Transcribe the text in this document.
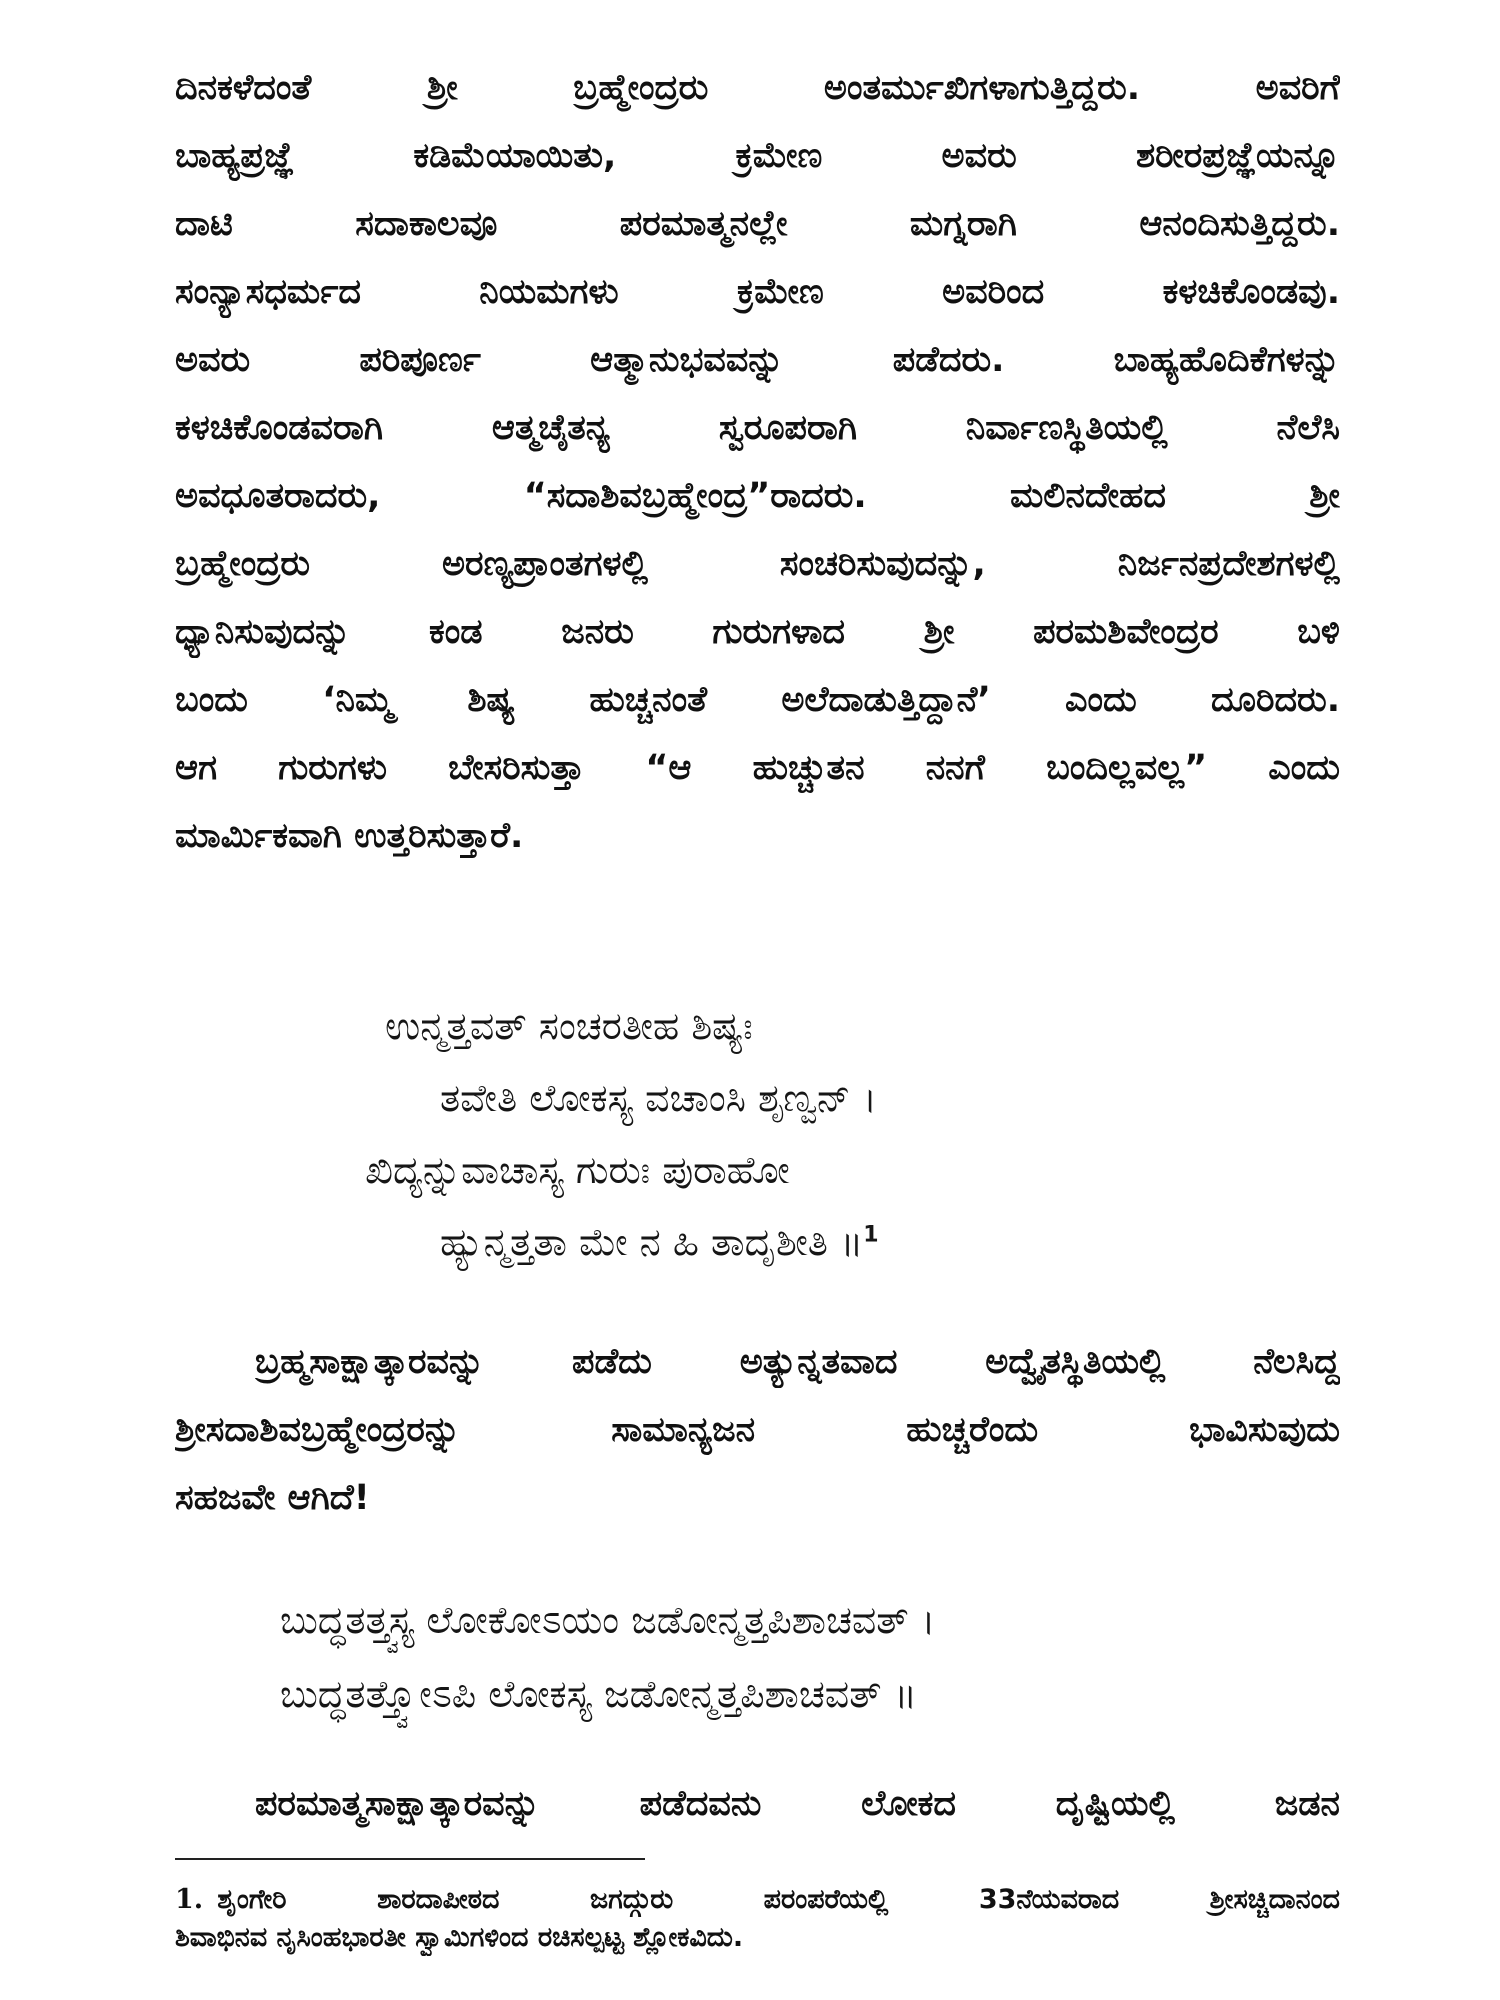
ದಿನಕಳೆದಂತೆ ಶ್ರೀ ಬ್ರಹ್ಮೇಂದ್ರರು ಅಂತರ್ಮುಖಿಗಳಾಗುತ್ತಿದ್ದರು. ಅವರಿಗೆ
ಬಾಹ್ಯಪ್ರಜ್ಞೆ ಕಡಿಮೆಯಾಯಿತು, ಕ್ರಮೇಣ ಅವರು ಶರೀರಪ್ರಜ್ಞೆಯನ್ನೂ
ದಾಟಿ ಸದಾಕಾಲವೂ ಪರಮಾತ್ಮನಲ್ಲೇ ಮಗ್ನರಾಗಿ ಆನಂದಿಸುತ್ತಿದ್ದರು.
ಸಂನ್ಯಾಸಧರ್ಮದ ನಿಯಮಗಳು ಕ್ರಮೇಣ ಅವರಿಂದ ಕಳಚಿಕೊಂಡವು.
ಅವರು ಪರಿಪೂರ್ಣ ಆತ್ಮಾನುಭವವನ್ನು ಪಡೆದರು. ಬಾಹ್ಯಹೊದಿಕೆಗಳನ್ನು
ಕಳಚಿಕೊಂಡವರಾಗಿ ಆತ್ಮಚೈತನ್ಯ ಸ್ವರೂಪರಾಗಿ ನಿರ್ವಾಣಸ್ಥಿತಿಯಲ್ಲಿ ನೆಲೆಸಿ
ಅವಧೂತರಾದರು, “ಸದಾಶಿವಬ್ರಹ್ಮೇಂದ್ರ”ರಾದರು. ಮಲಿನದೇಹದ ಶ್ರೀ
ಬ್ರಹ್ಮೇಂದ್ರರು ಅರಣ್ಯಪ್ರಾಂತಗಳಲ್ಲಿ ಸಂಚರಿಸುವುದನ್ನು, ನಿರ್ಜನಪ್ರದೇಶಗಳಲ್ಲಿ
ಧ್ಯಾನಿಸುವುದನ್ನು ಕಂಡ ಜನರು ಗುರುಗಳಾದ ಶ್ರೀ ಪರಮಶಿವೇಂದ್ರರ ಬಳಿ
ಬಂದು ‘ನಿಮ್ಮ ಶಿಷ್ಯ ಹುಚ್ಚನಂತೆ ಅಲೆದಾಡುತ್ತಿದ್ದಾನೆ’ ಎಂದು ದೂರಿದರು.
ಆಗ ಗುರುಗಳು ಬೇಸರಿಸುತ್ತಾ “ಆ ಹುಚ್ಚುತನ ನನಗೆ ಬಂದಿಲ್ಲವಲ್ಲ” ಎಂದು
ಮಾರ್ಮಿಕವಾಗಿ ಉತ್ತರಿಸುತ್ತಾರೆ.
ಉನ್ಮತ್ತವತ್ ಸಂಚರತೀಹ ಶಿಷ್ಯಃ
ತವೇತಿ ಲೋಕಸ್ಯ ವಚಾಂಸಿ ಶೃಣ್ವನ್ ।
ಖಿದ್ಯನ್ನುವಾಚಾಸ್ಯ ಗುರುಃ ಪುರಾಹೋ
ಹ್ಯುನ್ಮತ್ತತಾ ಮೇ ನ ಹಿ ತಾದೃಶೀತಿ ॥$^1$
ಬ್ರಹ್ಮಸಾಕ್ಷಾತ್ಕಾರವನ್ನು ಪಡೆದು ಅತ್ಯುನ್ನತವಾದ ಅದ್ವೈತಸ್ಥಿತಿಯಲ್ಲಿ ನೆಲಸಿದ್ದ
ಶ್ರೀಸದಾಶಿವಬ್ರಹ್ಮೇಂದ್ರರನ್ನು ಸಾಮಾನ್ಯಜನ ಹುಚ್ಚರೆಂದು ಭಾವಿಸುವುದು
ಸಹಜವೇ ಆಗಿದೆ!
ಬುದ್ಧತತ್ತ್ವಸ್ಯ ಲೋಕೋಽಯಂ ಜಡೋನ್ಮತ್ತಪಿಶಾಚವತ್ ।
ಬುದ್ಧತತ್ತ್ವೋಽಪಿ ಲೋಕಸ್ಯ ಜಡೋನ್ಮತ್ತಪಿಶಾಚವತ್ ॥
ಪರಮಾತ್ಮಸಾಕ್ಷಾತ್ಕಾರವನ್ನು ಪಡೆದವನು ಲೋಕದ ದೃಷ್ಟಿಯಲ್ಲಿ ಜಡನ
1. ಶೃಂಗೇರಿ ಶಾರದಾಪೀಠದ ಜಗದ್ಗುರು ಪರಂಪರೆಯಲ್ಲಿ 33ನೆಯವರಾದ ಶ್ರೀಸಚ್ಚಿದಾನಂದ
ಶಿವಾಭಿನವ ನೃಸಿಂಹಭಾರತೀ ಸ್ವಾಮಿಗಳಿಂದ ರಚಿಸಲ್ಪಟ್ಟ ಶ್ಲೋಕವಿದು.
